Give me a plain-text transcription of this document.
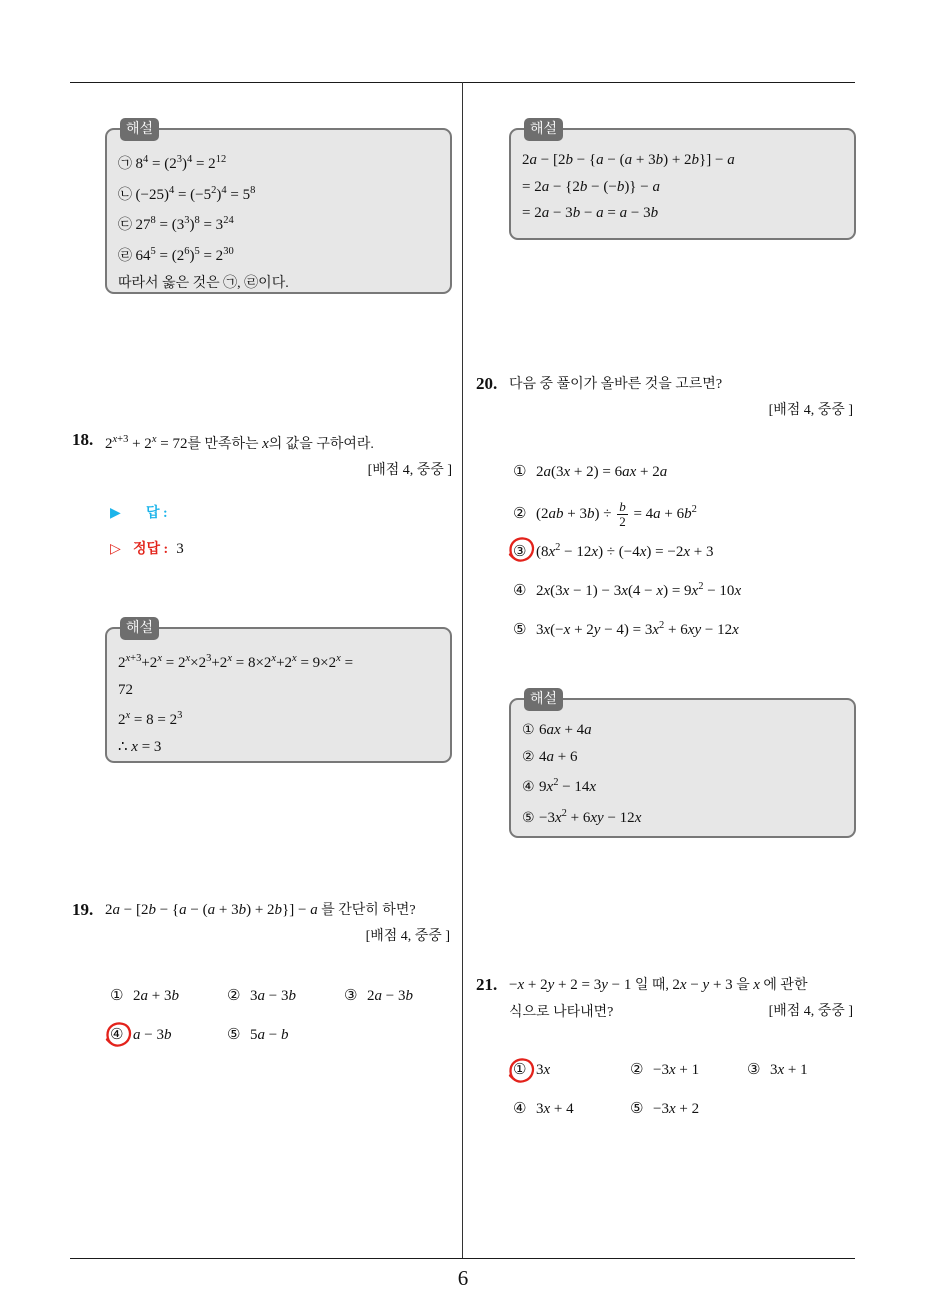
해설
㉠ $8^4 = (2^3)^4 = 2^{12}$
㉡ $(-25)^4 = (-5^2)^4 = 5^8$
㉢ $27^8 = (3^3)^8 = 3^{24}$
㉣ $64^5 = (2^6)^5 = 2^{30}$
따라서 옳은 것은 ㉠, ㉣이다.
18. $2^{x+3} + 2^x = 72$를 만족하는 x의 값을 구하여라.
[배점 4, 중중 ]
▶ 답 :
▷ 정답 : 3
해설
$2^{x+3}+2^x = 2^x\times 2^3+2^x = 8\times 2^x+2^x = 9\times 2^x$ =
72
$2^x = 8 = 2^3$
∴ x = 3
19. 2a − [2b − {a − (a + 3b) + 2b}] − a 를 간단히 하면?
[배점 4, 중중 ]
① 2a + 3b	② 3a − 3b	③ 2a − 3b
④ a − 3b	⑤ 5a − b
해설
2a − [2b − {a − (a + 3b) + 2b}] − a
= 2a − {2b − (−b)} − a
= 2a − 3b − a = a − 3b
20. 다음 중 풀이가 올바른 것을 고르면?
[배점 4, 중중 ]
① 2a(3x + 2) = 6ax + 2a
② $(2ab + 3b) \div \frac{b}{2} = 4a + 6b^2$
③ $(8x^2 - 12x) \div (-4x) = -2x + 3$
④ $2x(3x - 1) - 3x(4 - x) = 9x^2 - 10x$
⑤ $3x(-x + 2y - 4) = 3x^2 + 6xy - 12x$
해설
① 6ax + 4a
② 4a + 6
④ $9x^2 - 14x$
⑤ $-3x^2 + 6xy - 12x$
21. −x + 2y + 2 = 3y − 1 일 때, 2x − y + 3 을 x 에 관한
식으로 나타내면?	[배점 4, 중중 ]
① 3x	② −3x + 1	③ 3x + 1
④ 3x + 4	⑤ −3x + 2
6
